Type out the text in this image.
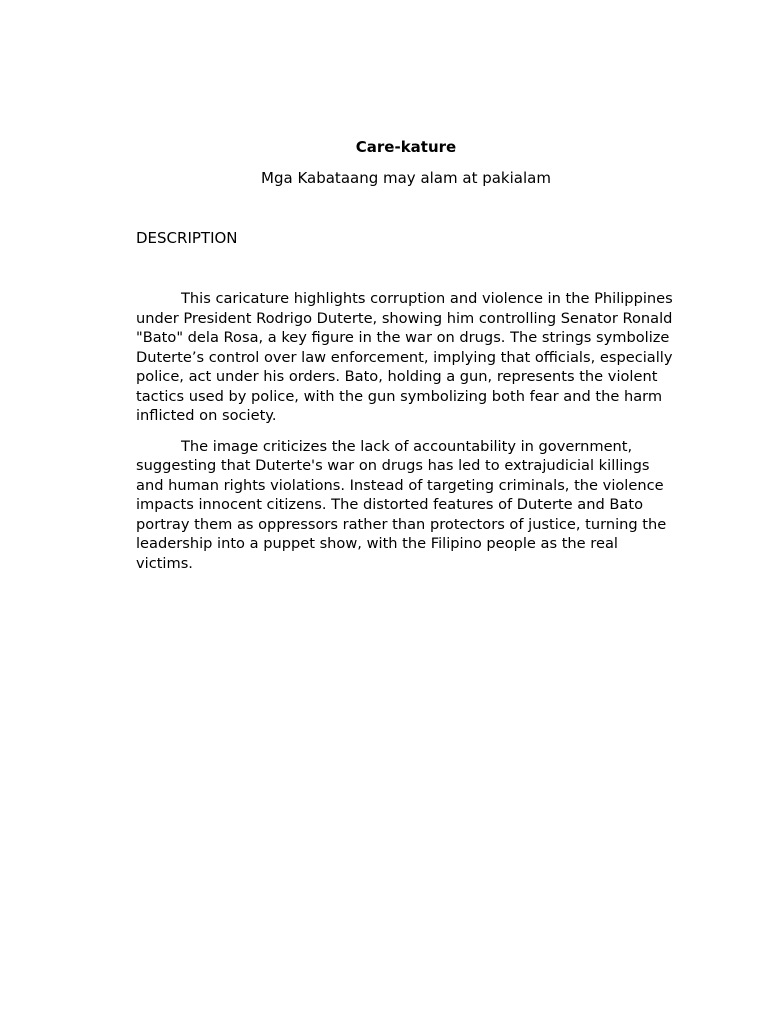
Care-kature

Mga Kabataang may alam at pakialam

DESCRIPTION

This caricature highlights corruption and violence in the Philippines under President Rodrigo Duterte, showing him controlling Senator Ronald "Bato" dela Rosa, a key figure in the war on drugs. The strings symbolize Duterte’s control over law enforcement, implying that officials, especially police, act under his orders. Bato, holding a gun, represents the violent tactics used by police, with the gun symbolizing both fear and the harm inflicted on society.

The image criticizes the lack of accountability in government, suggesting that Duterte's war on drugs has led to extrajudicial killings and human rights violations. Instead of targeting criminals, the violence impacts innocent citizens. The distorted features of Duterte and Bato portray them as oppressors rather than protectors of justice, turning the leadership into a puppet show, with the Filipino people as the real victims.
